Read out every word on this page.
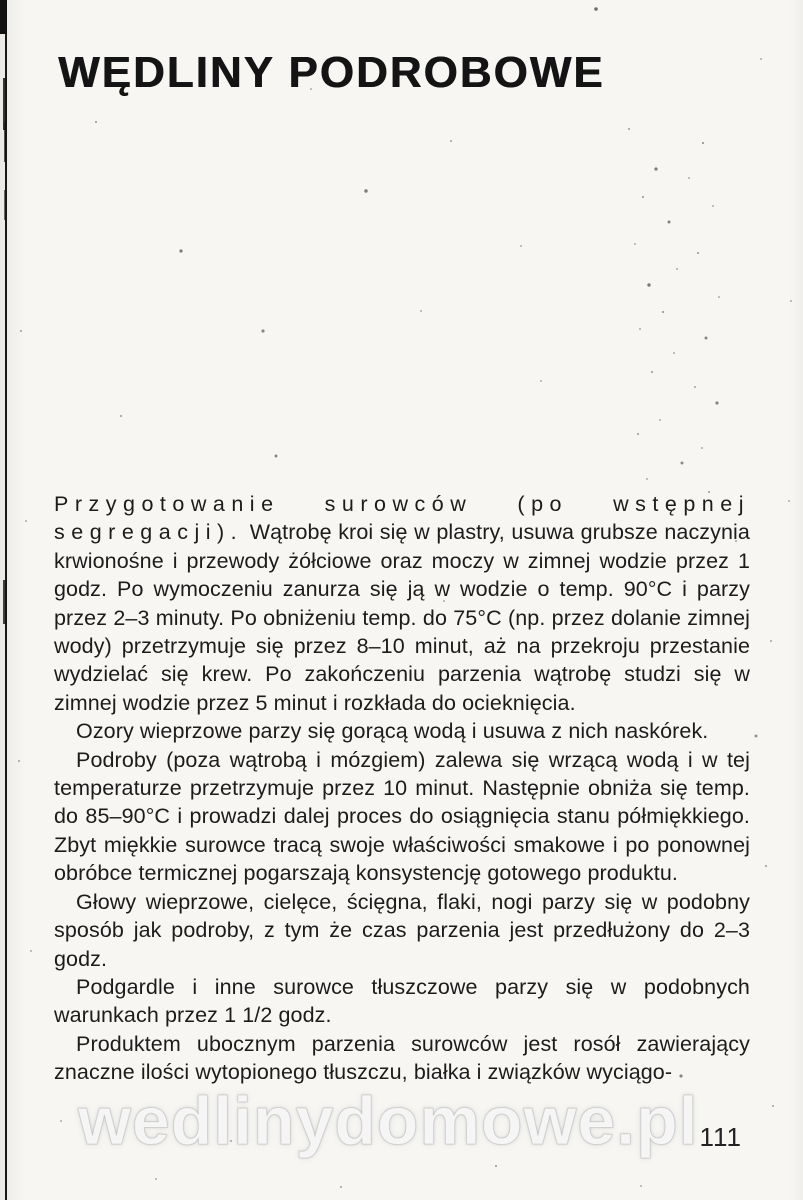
WĘDLINY PODROBOWE

Przygotowanie surowców (po wstępnej segregacji). Wątrobę kroi się w plastry, usuwa grubsze naczynia krwionośne i przewody żółciowe oraz moczy w zimnej wodzie przez 1 godz. Po wymoczeniu zanurza się ją w wodzie o temp. 90°C i parzy przez 2–3 minuty. Po obniżeniu temp. do 75°C (np. przez dolanie zimnej wody) przetrzymuje się przez 8–10 minut, aż na przekroju przestanie wydzielać się krew. Po zakończeniu parzenia wątrobę studzi się w zimnej wodzie przez 5 minut i rozkłada do ocieknięcia.

Ozory wieprzowe parzy się gorącą wodą i usuwa z nich naskórek.

Podroby (poza wątrobą i mózgiem) zalewa się wrzącą wodą i w tej temperaturze przetrzymuje przez 10 minut. Następnie obniża się temp. do 85–90°C i prowadzi dalej proces do osiągnięcia stanu półmiękkiego. Zbyt miękkie surowce tracą swoje właściwości smakowe i po ponownej obróbce termicznej pogarszają konsystencję gotowego produktu.

Głowy wieprzowe, cielęce, ścięgna, flaki, nogi parzy się w podobny sposób jak podroby, z tym że czas parzenia jest przedłużony do 2–3 godz.

Podgardle i inne surowce tłuszczowe parzy się w podobnych warunkach przez 1 1/2 godz.

Produktem ubocznym parzenia surowców jest rosół zawierający znaczne ilości wytopionego tłuszczu, białka i związków wyciągo-

wedlinydomowe.pl 111
